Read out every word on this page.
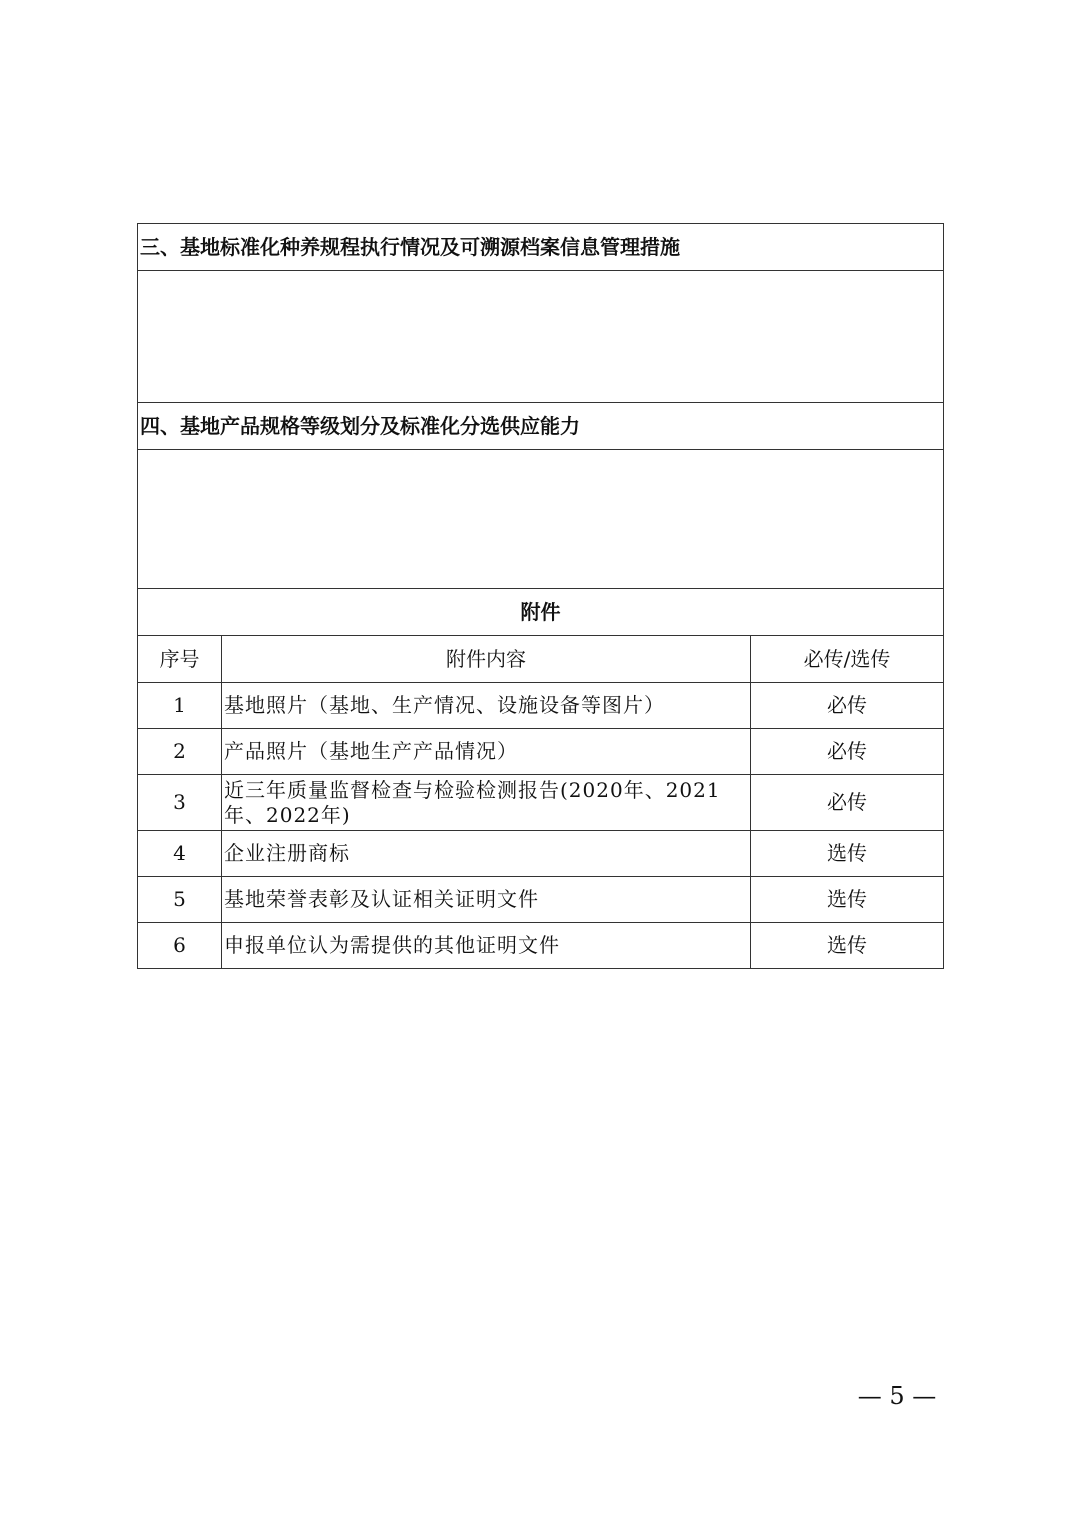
三、基地标准化种养规程执行情况及可溯源档案信息管理措施		

四、基地产品规格等级划分及标准化分选供应能力		

附件		
序号	附件内容	必传/选传
1	基地照片（基地、生产情况、设施设备等图片）	必传
2	产品照片（基地生产产品情况）	必传
3	近三年质量监督检查与检验检测报告(2020年、2021年、2022年)	必传
4	企业注册商标	选传
5	基地荣誉表彰及认证相关证明文件	选传
6	申报单位认为需提供的其他证明文件	选传
— 5 —
